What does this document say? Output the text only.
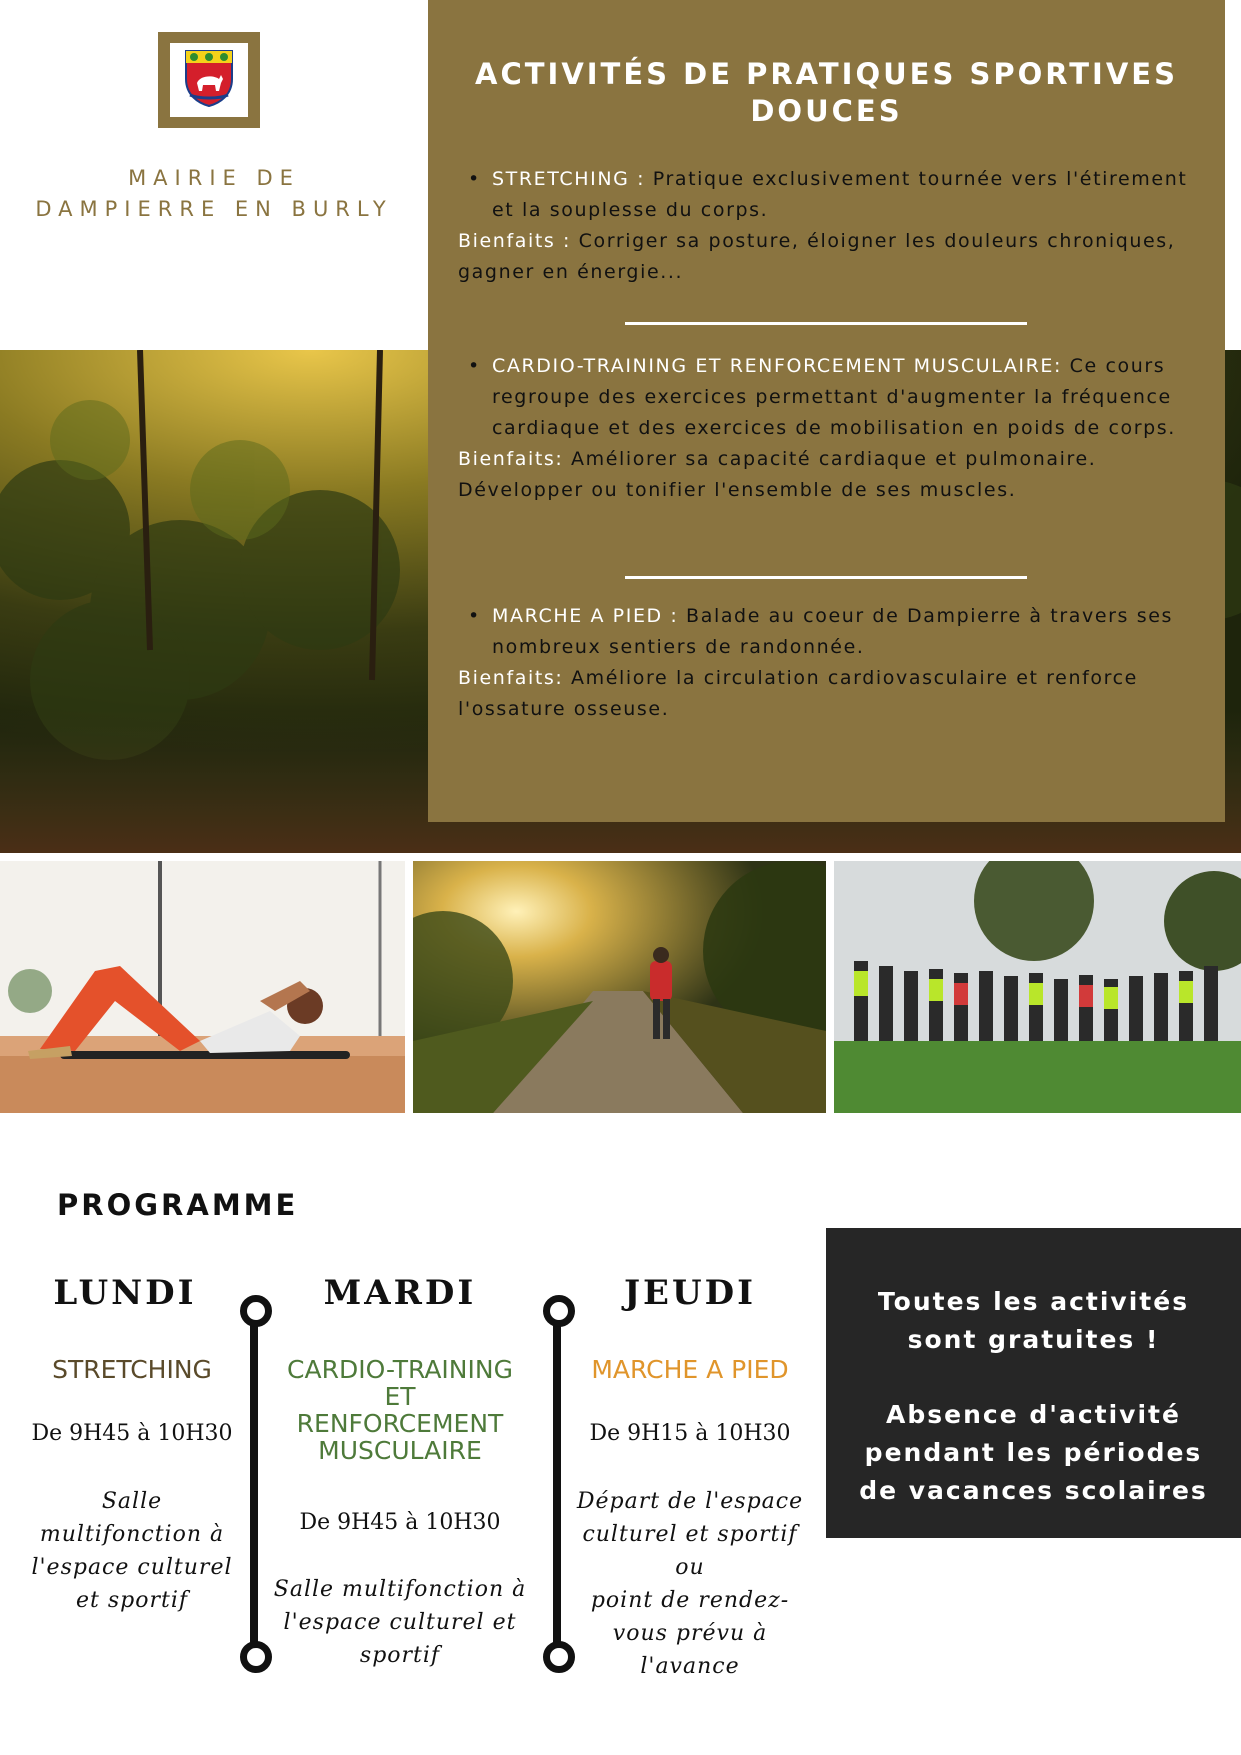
MAIRIE DE
DAMPIERRE EN BURLY
ACTIVITÉS DE PRATIQUES SPORTIVES
DOUCES
• STRETCHING : Pratique exclusivement tournée vers l'étirement et la souplesse du corps.
Bienfaits : Corriger sa posture, éloigner les douleurs chroniques, gagner en énergie...
• CARDIO-TRAINING ET RENFORCEMENT MUSCULAIRE: Ce cours regroupe des exercices permettant d'augmenter la fréquence cardiaque et des exercices de mobilisation en poids de corps.
Bienfaits: Améliorer sa capacité cardiaque et pulmonaire. Développer ou tonifier l'ensemble de ses muscles.
• MARCHE A PIED : Balade au coeur de Dampierre à travers ses nombreux sentiers de randonnée.
Bienfaits: Améliore la circulation cardiovasculaire et renforce l'ossature osseuse.
PROGRAMME
LUNDI
STRETCHING
De 9H45 à 10H30
Salle
multifonction à
l'espace culturel
et sportif
MARDI
CARDIO-TRAINING
ET
RENFORCEMENT
MUSCULAIRE
De 9H45 à 10H30
Salle multifonction à
l'espace culturel et
sportif
JEUDI
MARCHE A PIED
De 9H15 à 10H30
Départ de l'espace
culturel et sportif
ou
point de rendez-
vous prévu à
l'avance
Toutes les activités
sont gratuites !
Absence d'activité
pendant les périodes
de vacances scolaires
